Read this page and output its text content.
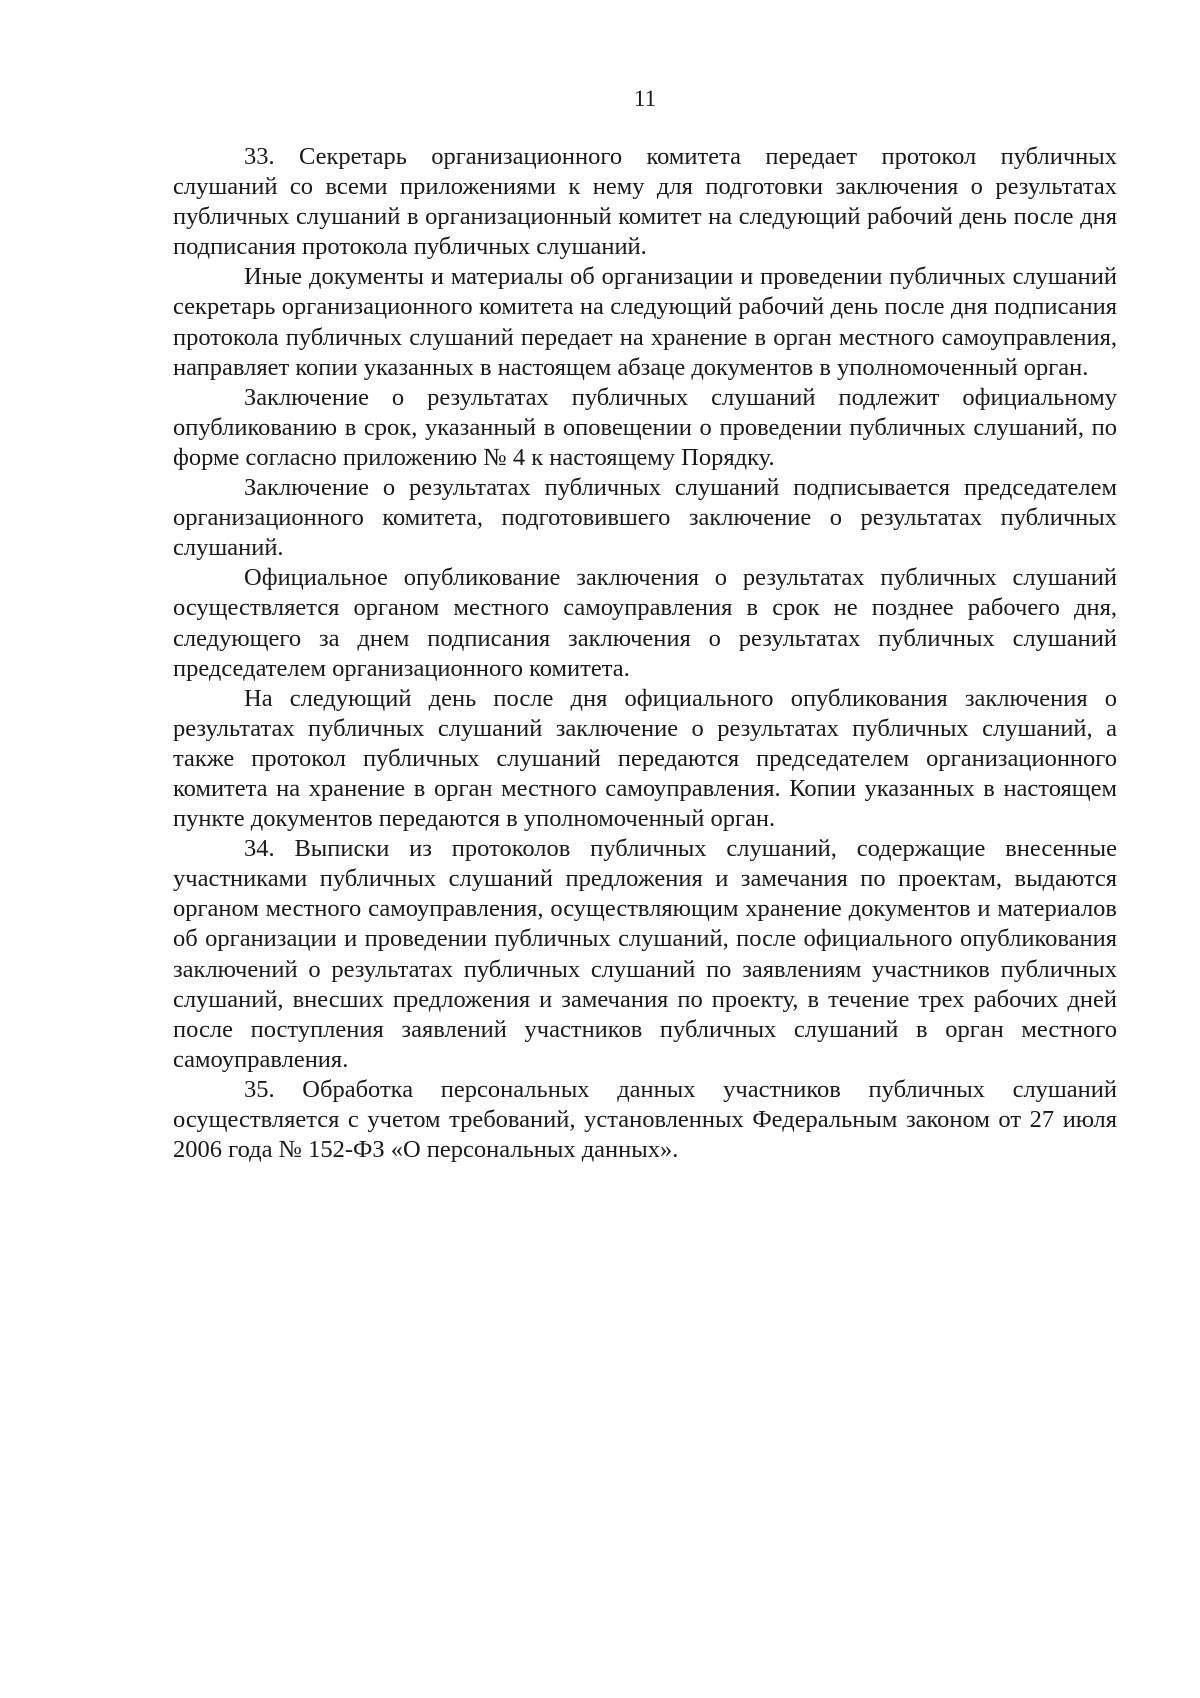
11

33. Секретарь организационного комитета передает протокол публичных слушаний со всеми приложениями к нему для подготовки заключения о результатах публичных слушаний в организационный комитет на следующий рабочий день после дня подписания протокола публичных слушаний.

Иные документы и материалы об организации и проведении публичных слушаний секретарь организационного комитета на следующий рабочий день после дня подписания протокола публичных слушаний передает на хранение в орган местного самоуправления, направляет копии указанных в настоящем абзаце документов в уполномоченный орган.

Заключение о результатах публичных слушаний подлежит официальному опубликованию в срок, указанный в оповещении о проведении публичных слушаний, по форме согласно приложению № 4 к настоящему Порядку.

Заключение о результатах публичных слушаний подписывается председателем организационного комитета, подготовившего заключение о результатах публичных слушаний.

Официальное опубликование заключения о результатах публичных слушаний осуществляется органом местного самоуправления в срок не позднее рабочего дня, следующего за днем подписания заключения о результатах публичных слушаний председателем организационного комитета.

На следующий день после дня официального опубликования заключения о результатах публичных слушаний заключение о результатах публичных слушаний, а также протокол публичных слушаний передаются председателем организационного комитета на хранение в орган местного самоуправления. Копии указанных в настоящем пункте документов передаются в уполномоченный орган.

34. Выписки из протоколов публичных слушаний, содержащие внесенные участниками публичных слушаний предложения и замечания по проектам, выдаются органом местного самоуправления, осуществляющим хранение документов и материалов об организации и проведении публичных слушаний, после официального опубликования заключений о результатах публичных слушаний по заявлениям участников публичных слушаний, внесших предложения и замечания по проекту, в течение трех рабочих дней после поступления заявлений участников публичных слушаний в орган местного самоуправления.

35. Обработка персональных данных участников публичных слушаний осуществляется с учетом требований, установленных Федеральным законом от 27 июля 2006 года № 152-ФЗ «О персональных данных».
